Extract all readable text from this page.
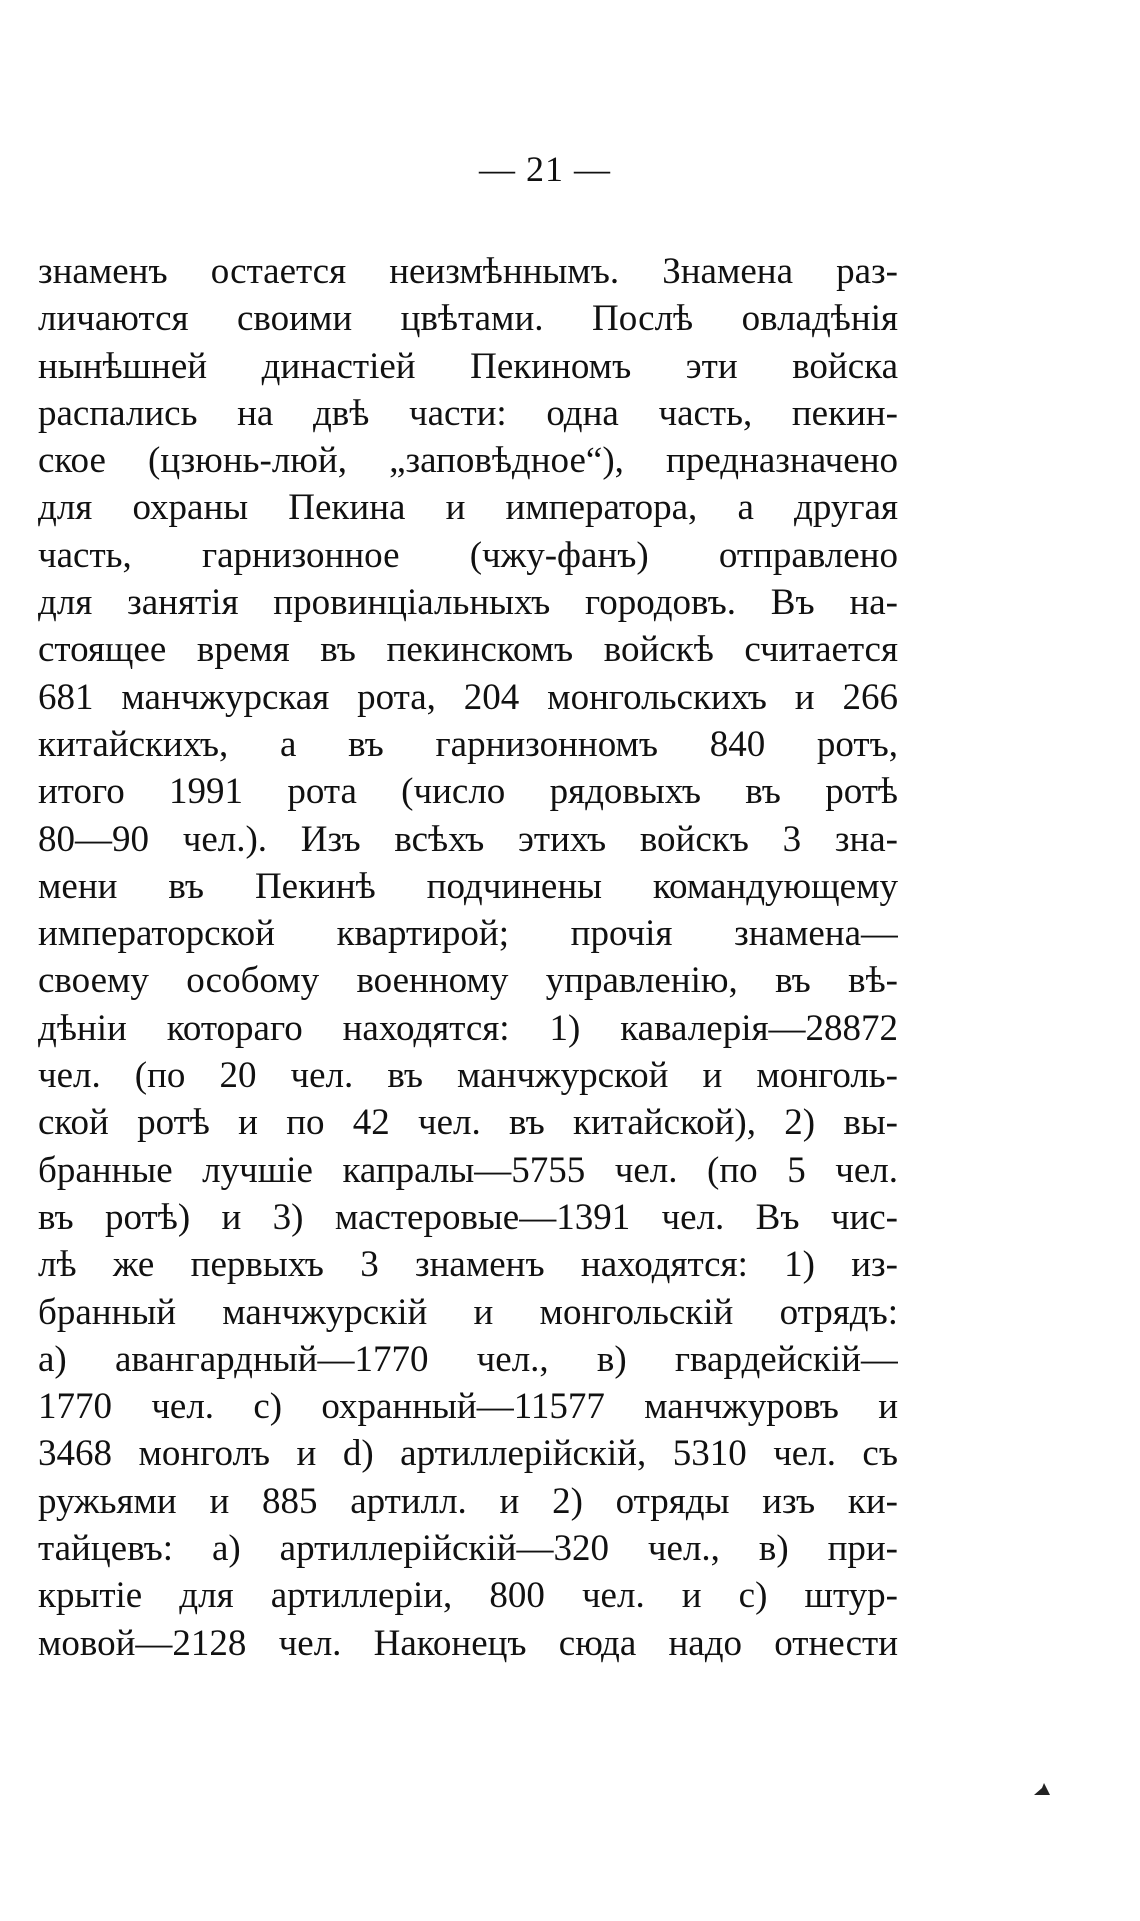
— 21 —
знаменъ остается неизмѣннымъ. Знамена раз-
личаются своими цвѣтами. Послѣ овладѣнія
нынѣшней династіей Пекиномъ эти войска
распались на двѣ части: одна часть, пекин-
ское (цзюнь-люй, „заповѣдное“), предназначено
для охраны Пекина и императора, а другая
часть, гарнизонное (чжу-фанъ) отправлено
для занятія провинціальныхъ городовъ. Въ на-
стоящее время въ пекинскомъ войскѣ считается
681 манчжурская рота, 204 монгольскихъ и 266
китайскихъ, а въ гарнизонномъ 840 ротъ,
итого 1991 рота (число рядовыхъ въ ротѣ
80—90 чел.). Изъ всѣхъ этихъ войскъ 3 зна-
мени въ Пекинѣ подчинены командующему
императорской квартирой; прочія знамена—
своему особому военному управленію, въ вѣ-
дѣніи котораго находятся: 1) кавалерія—28872
чел. (по 20 чел. въ манчжурской и монголь-
ской ротѣ и по 42 чел. въ китайской), 2) вы-
бранные лучшіе капралы—5755 чел. (по 5 чел.
въ ротѣ) и 3) мастеровые—1391 чел. Въ чис-
лѣ же первыхъ 3 знаменъ находятся: 1) из-
бранный манчжурскій и монгольскій отрядъ:
а) авангардный—1770 чел., в) гвардейскій—
1770 чел. с) охранный—11577 манчжуровъ и
3468 монголъ и d) артиллерійскій, 5310 чел. съ
ружьями и 885 артилл. и 2) отряды изъ ки-
тайцевъ: а) артиллерійскій—320 чел., в) при-
крытіе для артиллеріи, 800 чел. и с) штур-
мовой—2128 чел. Наконецъ сюда надо отнести
